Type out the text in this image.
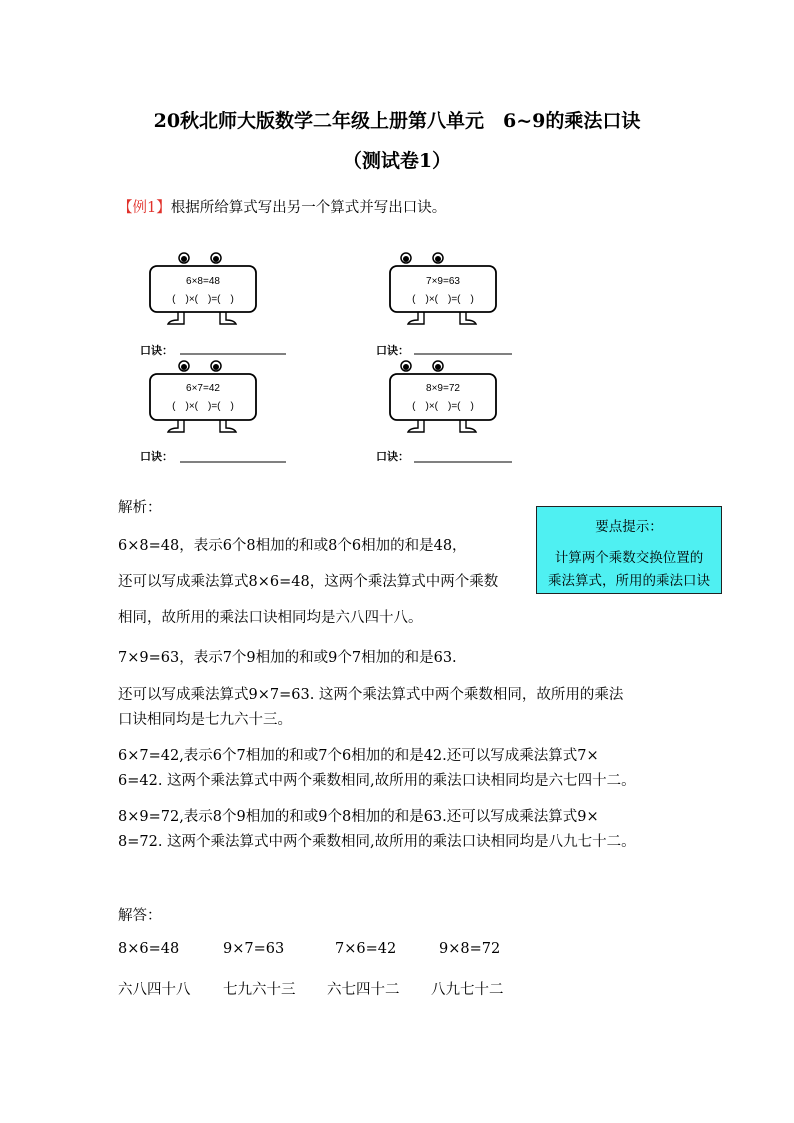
20秋北师大版数学二年级上册第八单元　6~9的乘法口诀
（测试卷1）
【例1】根据所给算式写出另一个算式并写出口诀。
6×8=48
(　)×(　)=(　)
口诀：
7×9=63
(　)×(　)=(　)
口诀：
6×7=42
(　)×(　)=(　)
口诀：
8×9=72
(　)×(　)=(　)
口诀：
解析：
6×8=48，表示6个8相加的和或8个6相加的和是48，
还可以写成乘法算式8×6=48，这两个乘法算式中两个乘数
相同，故所用的乘法口诀相同均是六八四十八。
7×9=63，表示7个9相加的和或9个7相加的和是63.
还可以写成乘法算式9×7=63. 这两个乘法算式中两个乘数相同，故所用的乘法
口诀相同均是七九六十三。
6×7=42,表示6个7相加的和或7个6相加的和是42.还可以写成乘法算式7×
6=42. 这两个乘法算式中两个乘数相同,故所用的乘法口诀相同均是六七四十二。
8×9=72,表示8个9相加的和或9个8相加的和是63.还可以写成乘法算式9×
8=72. 这两个乘法算式中两个乘数相同,故所用的乘法口诀相同均是八九七十二。
要点提示：
计算两个乘数交换位置的
乘法算式，所用的乘法口诀
解答：
8×6=48	9×7=63	7×6=42	9×8=72
六八四十八 七九六十三 六七四十二 八九七十二
